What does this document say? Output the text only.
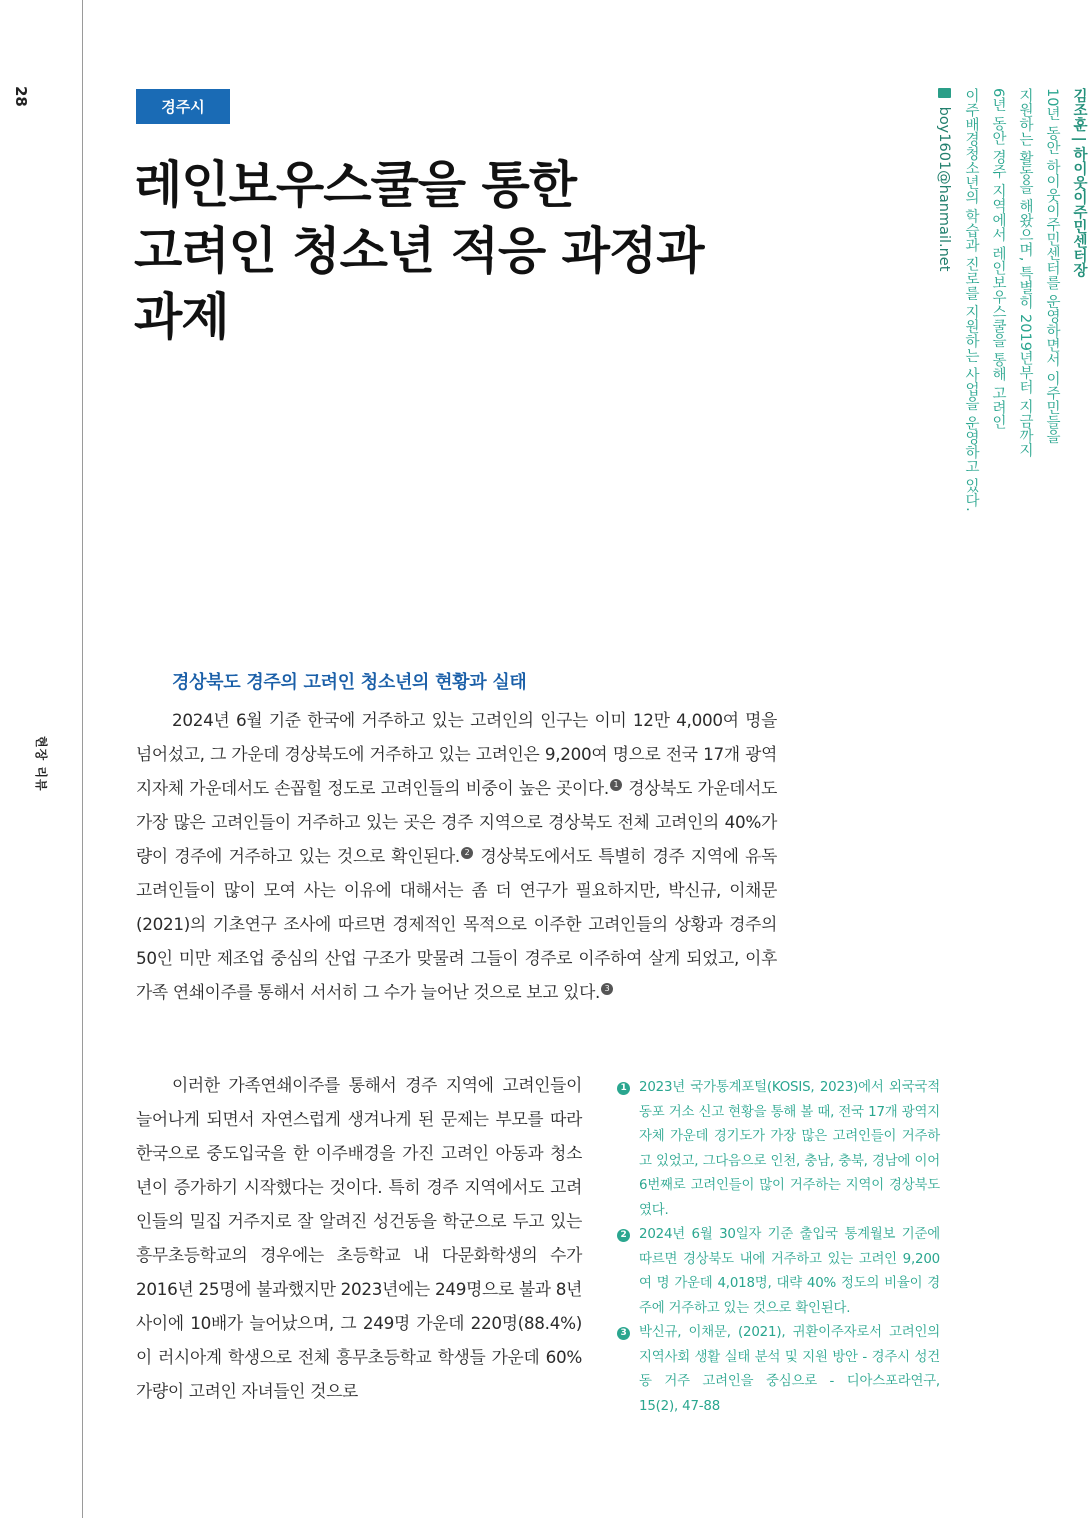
28
현장 리뷰
경주시
레인보우스쿨을 통한
고려인 청소년 적응 과정과
과제
김조훈 | 하이웃이주민센터장
10년 동안 하이웃이주민센터를 운영하면서 이주민들을
지원하는 활동을 해왔으며, 특별히 2019년부터 지금까지
6년 동안 경주 지역에서 레인보우스쿨을 통해 고려인
이주배경청소년의 학습과 진로를 지원하는 사업을 운영하고 있다.
boy1601@hanmail.net
경상북도 경주의 고려인 청소년의 현황과 실태

2024년 6월 기준 한국에 거주하고 있는 고려인의 인구는 이미 12만 4,000여 명을 넘어섰고, 그 가운데 경상북도에 거주하고 있는 고려인은 9,200여 명으로 전국 17개 광역지자체 가운데서도 손꼽힐 정도로 고려인들의 비중이 높은 곳이다. 1 경상북도 가운데서도 가장 많은 고려인들이 거주하고 있는 곳은 경주 지역으로 경상북도 전체 고려인의 40%가량이 경주에 거주하고 있는 것으로 확인된다. 2 경상북도에서도 특별히 경주 지역에 유독 고려인들이 많이 모여 사는 이유에 대해서는 좀 더 연구가 필요하지만, 박신규, 이채문(2021)의 기초연구 조사에 따르면 경제적인 목적으로 이주한 고려인들의 상황과 경주의 50인 미만 제조업 중심의 산업 구조가 맞물려 그들이 경주로 이주하여 살게 되었고, 이후 가족 연쇄이주를 통해서 서서히 그 수가 늘어난 것으로 보고 있다. 3

이러한 가족연쇄이주를 통해서 경주 지역에 고려인들이 늘어나게 되면서 자연스럽게 생겨나게 된 문제는 부모를 따라 한국으로 중도입국을 한 이주배경을 가진 고려인 아동과 청소년이 증가하기 시작했다는 것이다. 특히 경주 지역에서도 고려인들의 밀집 거주지로 잘 알려진 성건동을 학군으로 두고 있는 흥무초등학교의 경우에는 초등학교 내 다문화학생의 수가 2016년 25명에 불과했지만 2023년에는 249명으로 불과 8년 사이에 10배가 늘어났으며, 그 249명 가운데 220명(88.4%)이 러시아계 학생으로 전체 흥무초등학교 학생들 가운데 60%가량이 고려인 자녀들인 것으로

1 2023년 국가통계포털(KOSIS, 2023)에서 외국국적동포 거소 신고 현황을 통해 볼 때, 전국 17개 광역지자체 가운데 경기도가 가장 많은 고려인들이 거주하고 있었고, 그다음으로 인천, 충남, 충북, 경남에 이어 6번째로 고려인들이 많이 거주하는 지역이 경상북도였다.
2 2024년 6월 30일자 기준 출입국 통계월보 기준에 따르면 경상북도 내에 거주하고 있는 고려인 9,200여 명 가운데 4,018명, 대략 40% 정도의 비율이 경주에 거주하고 있는 것으로 확인된다.
3 박신규, 이채문, (2021), 귀환이주자로서 고려인의 지역사회 생활 실태 분석 및 지원 방안 - 경주시 성건동 거주 고려인을 중심으로 - 디아스포라연구, 15(2), 47-88
